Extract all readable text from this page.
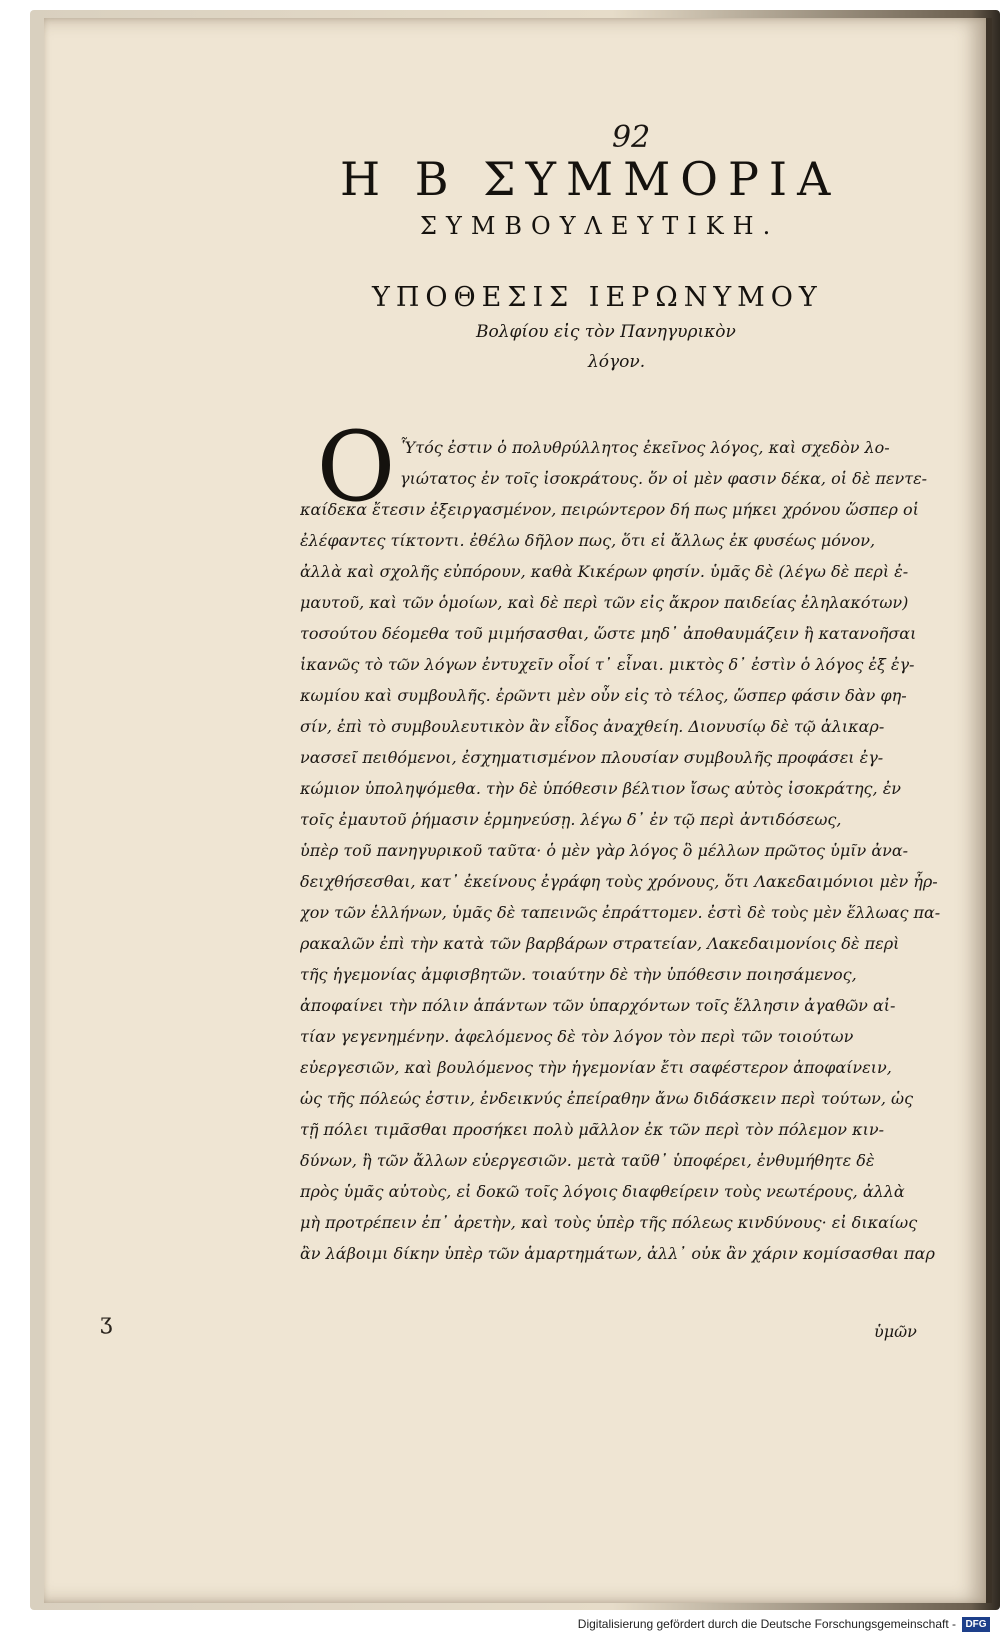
92
Η Β ΣΥΜΜΟΡΙΑ
ΣΥΜΒΟΥΛΕΥΤΙΚΗ.
ΥΠΟΘΕΣΙΣ ΙΕΡΩΝΥΜΟΥ
Βολφίου εἰς τὸν Πανηγυρικὸν
λόγον.
O Ὗτός ἐστιν ὁ πολυθρύλλητος ἐκεῖνος λόγος, καὶ σχεδὸν λο-
γιώτατος ἐν τοῖς ἰσοκράτους. ὅν οἱ μὲν φασιν δέκα, οἱ δὲ πεντε-
καίδεκα ἔτεσιν ἐξειργασμένον, πειρώντερον δή πως μήκει χρόνου ὥσπερ οἱ
ἐλέφαντες τίκτοντι. ἐθέλω δῆλον πως, ὅτι εἰ ἄλλως ἐκ φυσέως μόνον,
ἀλλὰ καὶ σχολῆς εὐπόρουν, καθὰ Κικέρων φησίν. ὑμᾶς δὲ (λέγω δὲ περὶ ἐ-
μαυτοῦ, καὶ τῶν ὁμοίων, καὶ δὲ περὶ τῶν εἰς ἄκρον παιδείας ἐληλακότων)
τοσούτου δέομεθα τοῦ μιμήσασθαι, ὥστε μηδ᾿ ἀποθαυμάζειν ἢ κατανοῆσαι
ἱκανῶς τὸ τῶν λόγων ἐντυχεῖν οἷοί τ᾿ εἶναι. μικτὸς δ᾿ ἐστὶν ὁ λόγος ἐξ ἐγ-
κωμίου καὶ συμβουλῆς. ἐρῶντι μὲν οὖν εἰς τὸ τέλος, ὥσπερ φάσιν δὰν φη-
σίν, ἐπὶ τὸ συμβουλευτικὸν ἂν εἶδος ἀναχθείη. Διονυσίῳ δὲ τῷ ἁλικαρ-
νασσεῖ πειθόμενοι, ἐσχηματισμένον πλουσίαν συμβουλῆς προφάσει ἐγ-
κώμιον ὑποληψόμεθα. τὴν δὲ ὑπόθεσιν βέλτιον ἴσως αὐτὸς ἰσοκράτης, ἐν
τοῖς ἐμαυτοῦ ῥήμασιν ἑρμηνεύσῃ. λέγω δ᾿ ἐν τῷ περὶ ἀντιδόσεως,
ὑπὲρ τοῦ πανηγυρικοῦ ταῦτα· ὁ μὲν γὰρ λόγος ὃ μέλλων πρῶτος ὑμῖν ἀνα-
δειχθήσεσθαι, κατ᾿ ἐκείνους ἐγράφη τοὺς χρόνους, ὅτι Λακεδαιμόνιοι μὲν ἦρ-
χον τῶν ἑλλήνων, ὑμᾶς δὲ ταπεινῶς ἐπράττομεν. ἐστὶ δὲ τοὺς μὲν ἕλλωας πα-
ρακαλῶν ἐπὶ τὴν κατὰ τῶν βαρβάρων στρατείαν, Λακεδαιμονίοις δὲ περὶ
τῆς ἡγεμονίας ἀμφισβητῶν. τοιαύτην δὲ τὴν ὑπόθεσιν ποιησάμενος,
ἀποφαίνει τὴν πόλιν ἁπάντων τῶν ὑπαρχόντων τοῖς ἕλλησιν ἀγαθῶν αἰ-
τίαν γεγενημένην. ἀφελόμενος δὲ τὸν λόγον τὸν περὶ τῶν τοιούτων
εὐεργεσιῶν, καὶ βουλόμενος τὴν ἡγεμονίαν ἔτι σαφέστερον ἀποφαίνειν,
ὡς τῆς πόλεώς ἐστιν, ἐνδεικνύς ἐπείραθην ἄνω διδάσκειν περὶ τούτων, ὡς
τῇ πόλει τιμᾶσθαι προσήκει πολὺ μᾶλλον ἐκ τῶν περὶ τὸν πόλεμον κιν-
δύνων, ἢ τῶν ἄλλων εὐεργεσιῶν. μετὰ ταῦθ᾿ ὑποφέρει, ἐνθυμήθητε δὲ
πρὸς ὑμᾶς αὐτοὺς, εἰ δοκῶ τοῖς λόγοις διαφθείρειν τοὺς νεωτέρους, ἀλλὰ
μὴ προτρέπειν ἐπ᾿ ἀρετὴν, καὶ τοὺς ὑπὲρ τῆς πόλεως κινδύνους· εἰ δικαίως
ἂν λάβοιμι δίκην ὑπὲρ τῶν ἁμαρτημάτων, ἀλλ᾿ οὐκ ἂν χάριν κομίσασθαι παρ
ὑμῶν
ʒ
Digitalisierung gefördert durch die Deutsche Forschungsgemeinschaft - DFG
